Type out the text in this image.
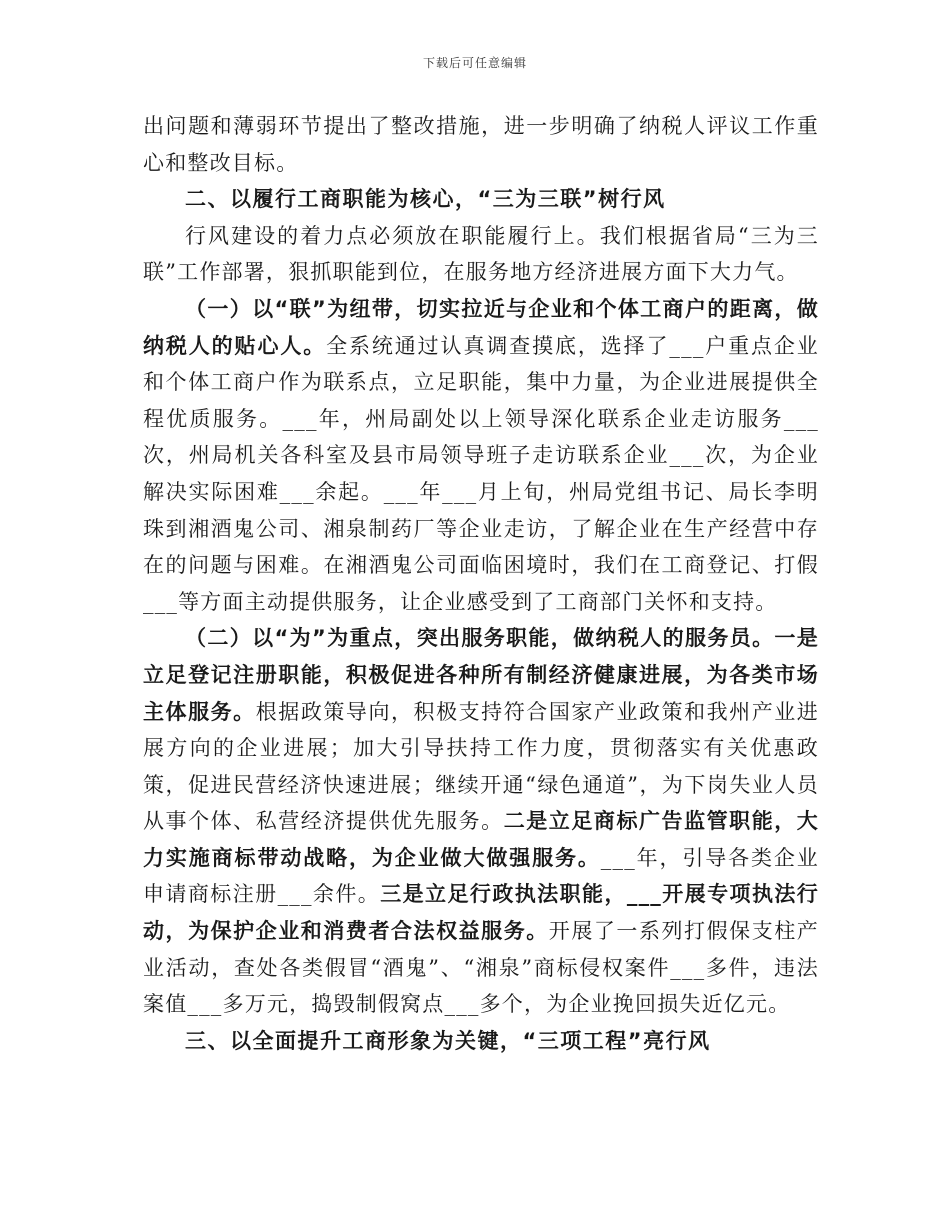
下载后可任意编辑

出问题和薄弱环节提出了整改措施，进一步明确了纳税人评议工作重心和整改目标。

二、以履行工商职能为核心，“三为三联”树行风

行风建设的着力点必须放在职能履行上。我们根据省局“三为三联”工作部署，狠抓职能到位，在服务地方经济进展方面下大力气。

（一）以“联”为纽带，切实拉近与企业和个体工商户的距离，做纳税人的贴心人。全系统通过认真调查摸底，选择了___户重点企业和个体工商户作为联系点，立足职能，集中力量，为企业进展提供全程优质服务。___年，州局副处以上领导深化联系企业走访服务___次，州局机关各科室及县市局领导班子走访联系企业___次，为企业解决实际困难___余起。___年___月上旬，州局党组书记、局长李明珠到湘酒鬼公司、湘泉制药厂等企业走访，了解企业在生产经营中存在的问题与困难。在湘酒鬼公司面临困境时，我们在工商登记、打假___等方面主动提供服务，让企业感受到了工商部门关怀和支持。

（二）以“为”为重点，突出服务职能，做纳税人的服务员。一是立足登记注册职能，积极促进各种所有制经济健康进展，为各类市场主体服务。根据政策导向，积极支持符合国家产业政策和我州产业进展方向的企业进展；加大引导扶持工作力度，贯彻落实有关优惠政策，促进民营经济快速进展；继续开通“绿色通道”，为下岗失业人员从事个体、私营经济提供优先服务。二是立足商标广告监管职能，大力实施商标带动战略，为企业做大做强服务。___年，引导各类企业申请商标注册___余件。三是立足行政执法职能，___开展专项执法行动，为保护企业和消费者合法权益服务。开展了一系列打假保支柱产业活动，查处各类假冒“酒鬼”、“湘泉”商标侵权案件___多件，违法案值___多万元，捣毁制假窝点___多个，为企业挽回损失近亿元。

三、以全面提升工商形象为关键，“三项工程”亮行风
